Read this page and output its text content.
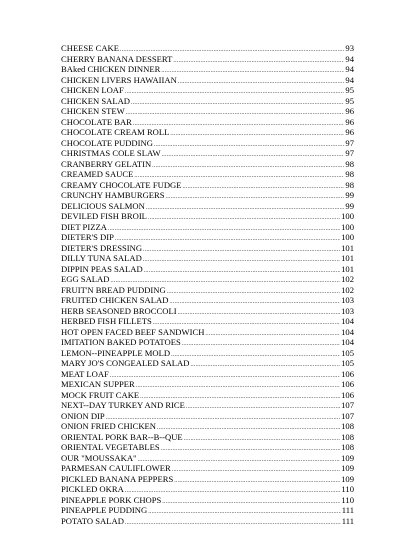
CHEESE CAKE .....	93
CHERRY BANANA DESSERT .....	94
BAked CHICKEN DINNER .....	94
CHICKEN LIVERS HAWAIIAN .....	94
CHICKEN LOAF .....	95
CHICKEN SALAD .....	95
CHICKEN STEW .....	96
CHOCOLATE BAR .....	96
CHOCOLATE CREAM ROLL .....	96
CHOCOLATE PUDDING .....	97
CHRISTMAS COLE SLAW .....	97
CRANBERRY GELATIN .....	98
CREAMED SAUCE .....	98
CREAMY CHOCOLATE FUDGE .....	98
CRUNCHY HAMBURGERS .....	99
DELICIOUS SALMON .....	99
DEVILED FISH BROIL .....	100
DIET PIZZA .....	100
DIETER'S DIP .....	100
DIETER'S DRESSING .....	101
DILLY TUNA SALAD .....	101
DIPPIN PEAS SALAD .....	101
EGG SALAD .....	102
FRUIT'N BREAD PUDDING .....	102
FRUITED CHICKEN SALAD .....	103
HERB SEASONED BROCCOLI .....	103
HERBED FISH FILLETS .....	104
HOT OPEN FACED BEEF SANDWICH .....	104
IMITATION BAKED POTATOES .....	104
LEMON--PINEAPPLE MOLD .....	105
MARY JO'S CONGEALED SALAD .....	105
MEAT LOAF .....	106
MEXICAN SUPPER .....	106
MOCK FRUIT CAKE .....	106
NEXT--DAY TURKEY AND RICE .....	107
ONION DIP .....	107
ONION FRIED CHICKEN .....	108
ORIENTAL PORK BAR--B--QUE .....	108
ORIENTAL VEGETABLES .....	108
OUR "MOUSSAKA" .....	109
PARMESAN CAULIFLOWER .....	109
PICKLED BANANA PEPPERS .....	109
PICKLED OKRA .....	110
PINEAPPLE PORK CHOPS .....	110
PINEAPPLE PUDDING .....	111
POTATO SALAD .....	111
